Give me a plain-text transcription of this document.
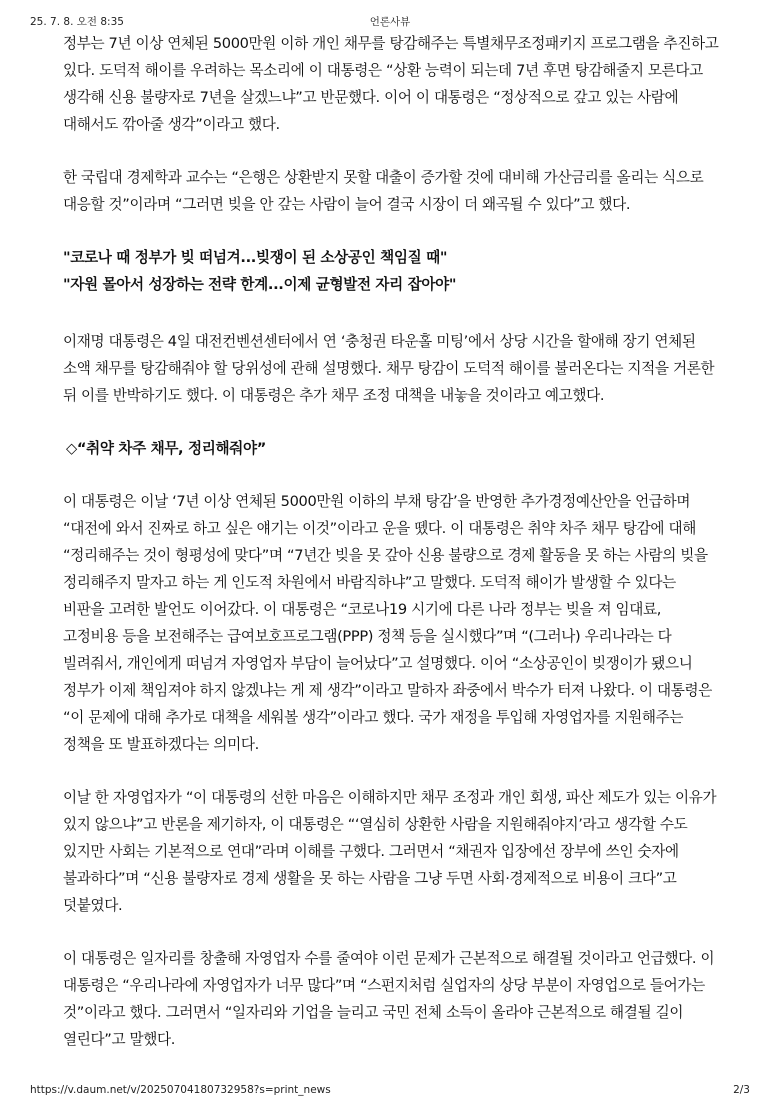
25. 7. 8. 오전 8:35	언론사뷰

정부는 7년 이상 연체된 5000만원 이하 개인 채무를 탕감해주는 특별채무조정패키지 프로그램을 추진하고 있다. 도덕적 해이를 우려하는 목소리에 이 대통령은 “상환 능력이 되는데 7년 후면 탕감해줄지 모른다고 생각해 신용 불량자로 7년을 살겠느냐”고 반문했다. 이어 이 대통령은 “정상적으로 갚고 있는 사람에 대해서도 깎아줄 생각”이라고 했다.

한 국립대 경제학과 교수는 “은행은 상환받지 못할 대출이 증가할 것에 대비해 가산금리를 올리는 식으로 대응할 것”이라며 “그러면 빚을 안 갚는 사람이 늘어 결국 시장이 더 왜곡될 수 있다”고 했다.

"코로나 때 정부가 빚 떠넘겨...빚쟁이 된 소상공인 책임질 때"
"자원 몰아서 성장하는 전략 한계...이제 균형발전 자리 잡아야"

이재명 대통령은 4일 대전컨벤션센터에서 연 ‘충청권 타운홀 미팅’에서 상당 시간을 할애해 장기 연체된 소액 채무를 탕감해줘야 할 당위성에 관해 설명했다. 채무 탕감이 도덕적 해이를 불러온다는 지적을 거론한 뒤 이를 반박하기도 했다. 이 대통령은 추가 채무 조정 대책을 내놓을 것이라고 예고했다.

◇“취약 차주 채무, 정리해줘야”

이 대통령은 이날 ‘7년 이상 연체된 5000만원 이하의 부채 탕감’을 반영한 추가경정예산안을 언급하며 “대전에 와서 진짜로 하고 싶은 얘기는 이것”이라고 운을 뗐다. 이 대통령은 취약 차주 채무 탕감에 대해 “정리해주는 것이 형평성에 맞다”며 “7년간 빚을 못 갚아 신용 불량으로 경제 활동을 못 하는 사람의 빚을 정리해주지 말자고 하는 게 인도적 차원에서 바람직하냐”고 말했다. 도덕적 해이가 발생할 수 있다는 비판을 고려한 발언도 이어갔다. 이 대통령은 “코로나19 시기에 다른 나라 정부는 빚을 져 임대료, 고정비용 등을 보전해주는 급여보호프로그램(PPP) 정책 등을 실시했다”며 “(그러나) 우리나라는 다 빌려줘서, 개인에게 떠넘겨 자영업자 부담이 늘어났다”고 설명했다. 이어 “소상공인이 빚쟁이가 됐으니 정부가 이제 책임져야 하지 않겠냐는 게 제 생각”이라고 말하자 좌중에서 박수가 터져 나왔다. 이 대통령은 “이 문제에 대해 추가로 대책을 세워볼 생각”이라고 했다. 국가 재정을 투입해 자영업자를 지원해주는 정책을 또 발표하겠다는 의미다.

이날 한 자영업자가 “이 대통령의 선한 마음은 이해하지만 채무 조정과 개인 회생, 파산 제도가 있는 이유가 있지 않으냐”고 반론을 제기하자, 이 대통령은 “‘열심히 상환한 사람을 지원해줘야지’라고 생각할 수도 있지만 사회는 기본적으로 연대”라며 이해를 구했다. 그러면서 “채권자 입장에선 장부에 쓰인 숫자에 불과하다”며 “신용 불량자로 경제 생활을 못 하는 사람을 그냥 두면 사회·경제적으로 비용이 크다”고 덧붙였다.

이 대통령은 일자리를 창출해 자영업자 수를 줄여야 이런 문제가 근본적으로 해결될 것이라고 언급했다. 이 대통령은 “우리나라에 자영업자가 너무 많다”며 “스펀지처럼 실업자의 상당 부분이 자영업으로 들어가는 것”이라고 했다. 그러면서 “일자리와 기업을 늘리고 국민 전체 소득이 올라야 근본적으로 해결될 길이 열린다”고 말했다.

https://v.daum.net/v/20250704180732958?s=print_news	2/3
